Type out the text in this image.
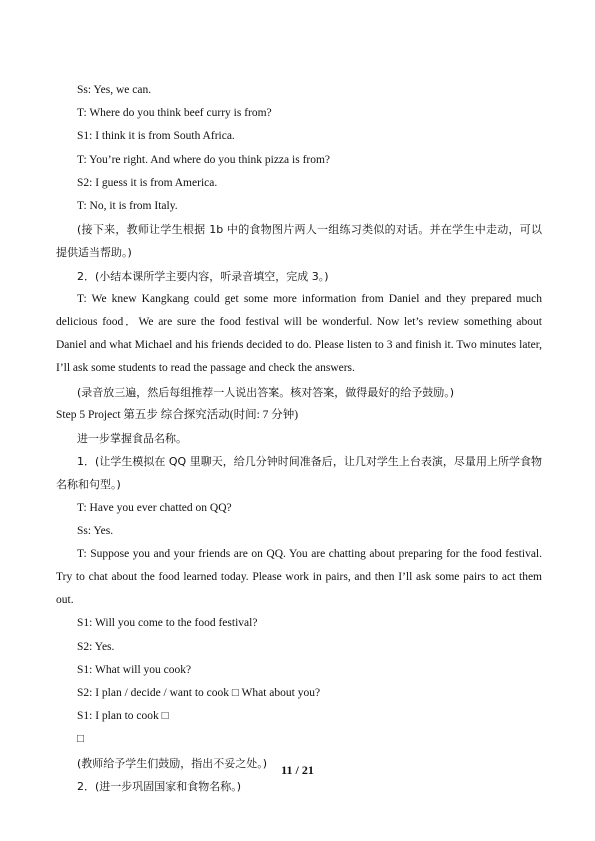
Ss: Yes, we can.
T: Where do you think beef curry is from?
S1: I think it is from South Africa.
T: You’re right. And where do you think pizza is from?
S2: I guess it is from America.
T: No, it is from Italy.

(接下来，教师让学生根据 1b 中的食物图片两人一组练习类似的对话。并在学生中走动，可以提供适当帮助。)

2．(小结本课所学主要内容，听录音填空，完成 3。)

T: We knew Kangkang could get some more information from Daniel and they prepared much delicious food．We are sure the food festival will be wonderful. Now let’s review something about Daniel and what Michael and his friends decided to do. Please listen to 3 and finish it. Two minutes later, I’ll ask some students to read the passage and check the answers.

(录音放三遍，然后每组推荐一人说出答案。核对答案，做得最好的给予鼓励。)
Step 5 Project 第五步 综合探究活动(时间: 7 分钟)
进一步掌握食品名称。

1．(让学生模拟在 QQ 里聊天，给几分钟时间准备后，让几对学生上台表演，尽量用上所学食物名称和句型。)

T: Have you ever chatted on QQ?
Ss: Yes.

T: Suppose you and your friends are on QQ. You are chatting about preparing for the food festival. Try to chat about the food learned today. Please work in pairs, and then I’ll ask some pairs to act them out.

S1: Will you come to the food festival?
S2: Yes.
S1: What will you cook?
S2: I plan / decide / want to cook □ What about you?
S1: I plan to cook □
□
(教师给予学生们鼓励，指出不妥之处。)
2．(进一步巩固国家和食物名称。)
11 / 21
